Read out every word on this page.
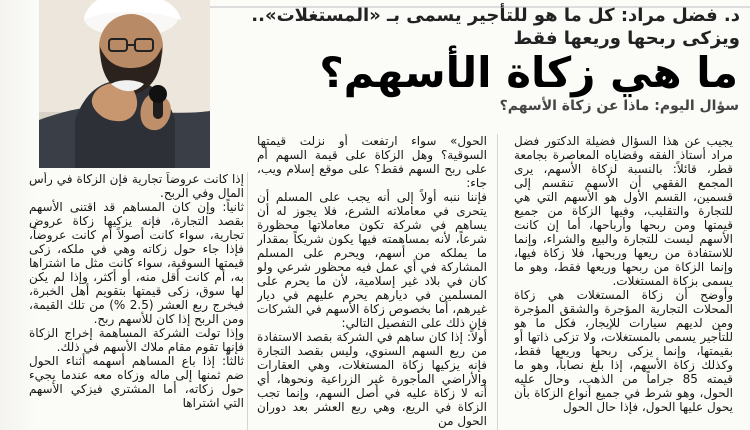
د. فضل مراد: كل ما هو للتأجير يسمى بـ «المستغلات».. ويزكى ربحها وريعها فقط
ما هي زكاة الأسهم؟
سؤال اليوم: ماذا عن زكاة الأسهم؟
يجيب عن هذا السؤال فضيلة الدكتور فضل مراد أستاذ الفقه وقضاياه المعاصرة بجامعة قطر، قائلاً: بالنسبة لزكاة الأسهم، يرى المجمع الفقهي أن الأسهم تنقسم إلى قسمين، القسم الأول هو الأسهم التي هي للتجارة والتقليب، وفيها الزكاة من جميع قيمتها ومن ربحها وأرباحها، أما إن كانت الأسهم ليست للتجارة والبيع والشراء، وإنما للاستفادة من ريعها وربحها، فلا زكاة فيها، وإنما الزكاة من ربحها وريعها فقط، وهو ما يسمى بزكاة المستغلات.
وأوضح أن زكاة المستغلات هي زكاة المحلات التجارية المؤجرة والشقق المؤجرة ومن لديهم سيارات للإيجار، فكل ما هو للتأجير يسمى بالمستغلات، ولا تزكى ذاتها أو بقيمتها، وإنما يزكى ربحها وريعها فقط، وكذلك زكاة الأسهم، إذا بلغ نصاباً، وهو ما قيمته 85 جراماً من الذهب، وحال عليه الحول، وهو شرط في جميع أنواع الزكاة بأن يحول عليها الحول، فإذا حال الحول
الحول» سواء ارتفعت أو نزلت قيمتها السوقية؟ وهل الزكاة على قيمة السهم أم على ربح السهم فقط؟ على موقع إسلام ويب، جاء:
فإننا ننبه أولاً إلى أنه يجب على المسلم أن يتحرى في معاملاته الشرع، فلا يجوز له أن يساهم في شركة تكون معاملاتها محظورة شرعاً، لأنه بمساهمته فيها يكون شريكاً بمقدار ما يملكه من أسهم، ويحرم على المسلم المشاركة في أي عمل فيه محظور شرعي ولو كان في بلاد غير إسلامية، لأن ما يحرم على المسلمين في ديارهم يحرم عليهم في ديار غيرهم، أما بخصوص زكاة الأسهم في الشركات فإن ذلك على التفصيل التالي:
أولاً: إذا كان ساهم في الشركة بقصد الاستفادة من ريع السهم السنوي، وليس بقصد التجارة فإنه يزكيها زكاة المستغلات، وهي العقارات والأراضي المأجورة غير الزراعية ونحوها، أي أنه لا زكاة عليه في أصل السهم، وإنما تجب الزكاة في الريع، وهي ربع العشر بعد دوران الحول من
إذا كانت عروضاً تجارية فإن الزكاة في رأس المال وفي الربح.
ثانياً: وإن كان المساهم قد اقتنى الأسهم بقصد التجارة، فإنه يزكيها زكاة عروض تجارية، سواء كانت أصولاً أم كانت عروضاً، فإذا جاء حول زكاته وهي في ملكه، زكى قيمتها السوقية، سواء كانت مثل ما اشتراها به، أم كانت أقل منه، أو أكثر، وإذا لم يكن لها سوق، زكى قيمتها بتقويم أهل الخبرة، فيخرج ربع العشر (2.5 %) من تلك القيمة، ومن الربح إذا كان للأسهم ربح.
وإذا تولت الشركة المساهمة إخراج الزكاة فإنها تقوم مقام ملاك الأسهم في ذلك.
ثالثاً: إذا باع المساهم أسهمه أثناء الحول ضم ثمنها إلى ماله وزكاه معه عندما يجيء حول زكاته، أما المشتري فيزكي الأسهم التي اشتراها
